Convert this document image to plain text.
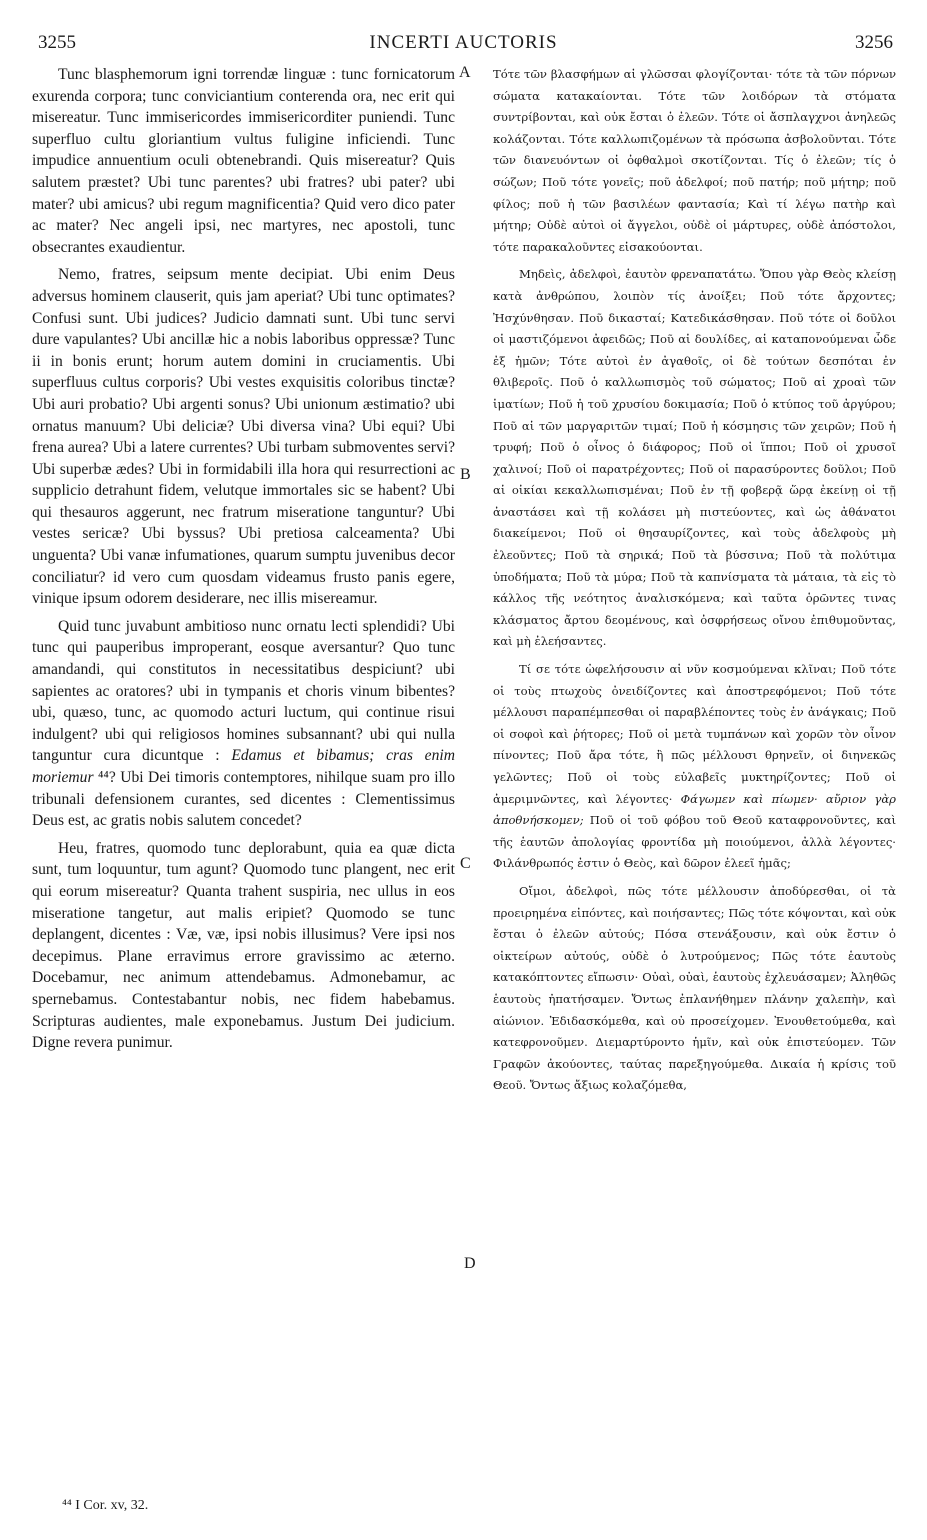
3255	INCERTI AUCTORIS	3256

Tunc blasphemorum igni torrendæ linguæ : tunc fornicatorum exurenda corpora; tunc conviciantium conterenda ora, nec erit qui misereatur. Tunc immisericordes immisericorditer puniendi. Tunc superfluo cultu gloriantium vultus fuligine inficiendi. Tunc impudice annuentium oculi obtenebrandi. Quis misereatur? Quis salutem præstet? Ubi tunc parentes? ubi fratres? ubi pater? ubi mater? ubi amicus? ubi regum magnificentia? Quid vero dico pater ac mater? Nec angeli ipsi, nec martyres, nec apostoli, tunc obsecrantes exaudientur.

Nemo, fratres, seipsum mente decipiat. Ubi enim Deus adversus hominem clauserit, quis jam aperiat? Ubi tunc optimates? Confusi sunt. Ubi judices? Judicio damnati sunt. Ubi tunc servi dure vapulantes? Ubi ancillæ hic a nobis laboribus oppressæ? Tunc ii in bonis erunt; horum autem domini in cruciamentis. Ubi superfluus cultus corporis? Ubi vestes exquisitis coloribus tinctæ? Ubi auri probatio? Ubi argenti sonus? Ubi unionum æstimatio? ubi ornatus manuum? Ubi deliciæ? Ubi diversa vina? Ubi equi? Ubi frena aurea? Ubi a latere currentes? Ubi turbam submoventes servi? Ubi superbæ ædes? Ubi in formidabili illa hora qui resurrectioni ac supplicio detrahunt fidem, velutque immortales sic se habent? Ubi qui thesauros aggerunt, nec fratrum miseratione tanguntur? Ubi vestes sericæ? Ubi byssus? Ubi pretiosa calceamenta? Ubi unguenta? Ubi vanæ infumationes, quarum sumptu juvenibus decor conciliatur? id vero cum quosdam videamus frusto panis egere, vinique ipsum odorem desiderare, nec illis misereamur.

Quid tunc juvabunt ambitioso nunc ornatu lecti splendidi? Ubi tunc qui pauperibus improperant, eosque aversantur? Quo tunc amandandi, qui constitutos in necessitatibus despiciunt? ubi sapientes ac oratores? ubi in tympanis et choris vinum bibentes? ubi, quæso, tunc, ac quomodo acturi luctum, qui continue risui indulgent? ubi qui religiosos homines subsannant? ubi qui nulla tanguntur cura dicuntque : Edamus et bibamus; cras enim moriemur ⁴⁴? Ubi Dei timoris contemptores, nihilque suam pro illo tribunali defensionem curantes, sed dicentes : Clementissimus Deus est, ac gratis nobis salutem concedet?

Heu, fratres, quomodo tunc deplorabunt, quia ea quæ dicta sunt, tum loquuntur, tum agunt? Quomodo tunc plangent, nec erit qui eorum misereatur? Quanta trahent suspiria, nec ullus in eos miseratione tangetur, aut malis eripiet? Quomodo se tunc deplangent, dicentes : Væ, væ, ipsi nobis illusimus? Vere ipsi nos decepimus. Plane erravimus errore gravissimo ac æterno. Docebamur, nec animum attendebamus. Admonebamur, ac spernebamus. Contestabantur nobis, nec fidem habebamus. Scripturas audientes, male exponebamus. Justum Dei judicium. Digne revera punimur.

A
B
C
D

Τότε τῶν βλασφήμων αἱ γλῶσσαι φλογίζονται· τότε τὰ τῶν πόρνων σώματα κατακαίονται. Τότε τῶν λοιδόρων τὰ στόματα συντρίβονται, καὶ οὐκ ἔσται ὁ ἐλεῶν. Τότε οἱ ἄσπλαγχνοι ἀνηλεῶς κολάζονται. Τότε καλλωπιζομένων τὰ πρόσωπα ἀσβολοῦνται. Τότε τῶν διανευόντων οἱ ὀφθαλμοὶ σκοτίζονται. Τίς ὁ ἐλεῶν; τίς ὁ σώζων; Ποῦ τότε γονεῖς; ποῦ ἀδελφοί; ποῦ πατήρ; ποῦ μήτηρ; ποῦ φίλος; ποῦ ἡ τῶν βασιλέων φαντασία; Καὶ τί λέγω πατὴρ καὶ μήτηρ; Οὐδὲ αὐτοὶ οἱ ἄγγελοι, οὐδὲ οἱ μάρτυρες, οὐδὲ ἀπόστολοι, τότε παρακαλοῦντες εἰσακούονται.

Μηδεὶς, ἀδελφοὶ, ἑαυτὸν φρεναπατάτω. Ὅπου γὰρ Θεὸς κλείσῃ κατὰ ἀνθρώπου, λοιπὸν τίς ἀνοίξει; Ποῦ τότε ἄρχοντες; Ἠσχύνθησαν. Ποῦ δικασταί; Κατεδικάσθησαν. Ποῦ τότε οἱ δοῦλοι οἱ μαστιζόμενοι ἀφειδῶς; Ποῦ αἱ δουλίδες, αἱ καταπονούμεναι ὧδε ἐξ ἡμῶν; Τότε αὐτοὶ ἐν ἀγαθοῖς, οἱ δὲ τούτων δεσπόται ἐν θλιβεροῖς. Ποῦ ὁ καλλωπισμὸς τοῦ σώματος; Ποῦ αἱ χροαὶ τῶν ἱματίων; Ποῦ ἡ τοῦ χρυσίου δοκιμασία; Ποῦ ὁ κτύπος τοῦ ἀργύρου; Ποῦ αἱ τῶν μαργαριτῶν τιμαί; Ποῦ ἡ κόσμησις τῶν χειρῶν; Ποῦ ἡ τρυφή; Ποῦ ὁ οἶνος ὁ διάφορος; Ποῦ οἱ ἵπποι; Ποῦ οἱ χρυσοῖ χαλινοί; Ποῦ οἱ παρατρέχοντες; Ποῦ οἱ παρασύροντες δοῦλοι; Ποῦ αἱ οἰκίαι κεκαλλωπισμέναι; Ποῦ ἐν τῇ φοβερᾷ ὥρᾳ ἐκείνῃ οἱ τῇ ἀναστάσει καὶ τῇ κολάσει μὴ πιστεύοντες, καὶ ὡς ἀθάνατοι διακείμενοι; Ποῦ οἱ θησαυρίζοντες, καὶ τοὺς ἀδελφοὺς μὴ ἐλεοῦντες; Ποῦ τὰ σηρικά; Ποῦ τὰ βύσσινα; Ποῦ τὰ πολύτιμα ὑποδήματα; Ποῦ τὰ μύρα; Ποῦ τὰ καπνίσματα τὰ μάταια, τὰ εἰς τὸ κάλλος τῆς νεότητος ἀναλισκόμενα; καὶ ταῦτα ὁρῶντες τινας κλάσματος ἄρτου δεομένους, καὶ ὀσφρήσεως οἴνου ἐπιθυμοῦντας, καὶ μὴ ἐλεήσαντες.

Τί σε τότε ὠφελήσουσιν αἱ νῦν κοσμούμεναι κλῖναι; Ποῦ τότε οἱ τοὺς πτωχοὺς ὀνειδίζοντες καὶ ἀποστρεφόμενοι; Ποῦ τότε μέλλουσι παραπέμπεσθαι οἱ παραβλέποντες τοὺς ἐν ἀνάγκαις; Ποῦ οἱ σοφοὶ καὶ ῥήτορες; Ποῦ οἱ μετὰ τυμπάνων καὶ χορῶν τὸν οἶνον πίνοντες; Ποῦ ἄρα τότε, ἢ πῶς μέλλουσι θρηνεῖν, οἱ διηνεκῶς γελῶντες; Ποῦ οἱ τοὺς εὐλαβεῖς μυκτηρίζοντες; Ποῦ οἱ ἀμεριμνῶντες, καὶ λέγοντες· Φάγωμεν καὶ πίωμεν· αὔριον γὰρ ἀποθνήσκομεν; Ποῦ οἱ τοῦ φόβου τοῦ Θεοῦ καταφρονοῦντες, καὶ τῆς ἑαυτῶν ἀπολογίας φροντίδα μὴ ποιούμενοι, ἀλλὰ λέγοντες· Φιλάνθρωπός ἐστιν ὁ Θεὸς, καὶ δῶρον ἐλεεῖ ἡμᾶς;

Οἴμοι, ἀδελφοὶ, πῶς τότε μέλλουσιν ἀποδύρεσθαι, οἱ τὰ προειρημένα εἰπόντες, καὶ ποιήσαντες; Πῶς τότε κόψονται, καὶ οὐκ ἔσται ὁ ἐλεῶν αὐτούς; Πόσα στενάξουσιν, καὶ οὐκ ἔστιν ὁ οἰκτείρων αὐτούς, οὐδὲ ὁ λυτρούμενος; Πῶς τότε ἑαυτοὺς κατακόπτοντες εἴπωσιν· Οὐαὶ, οὐαὶ, ἑαυτοὺς ἐχλευάσαμεν; Ἀληθῶς ἑαυτοὺς ἠπατήσαμεν. Ὄντως ἐπλανήθημεν πλάνην χαλεπὴν, καὶ αἰώνιον. Ἐδιδασκόμεθα, καὶ οὐ προσείχομεν. Ἐνουθετούμεθα, καὶ κατεφρονοῦμεν. Διεμαρτύροντο ἡμῖν, καὶ οὐκ ἐπιστεύομεν. Τῶν Γραφῶν ἀκούοντες, ταύτας παρεξηγούμεθα. Δικαία ἡ κρίσις τοῦ Θεοῦ. Ὄντως ἄξιως κολαζόμεθα,

⁴⁴ I Cor. xv, 32.
